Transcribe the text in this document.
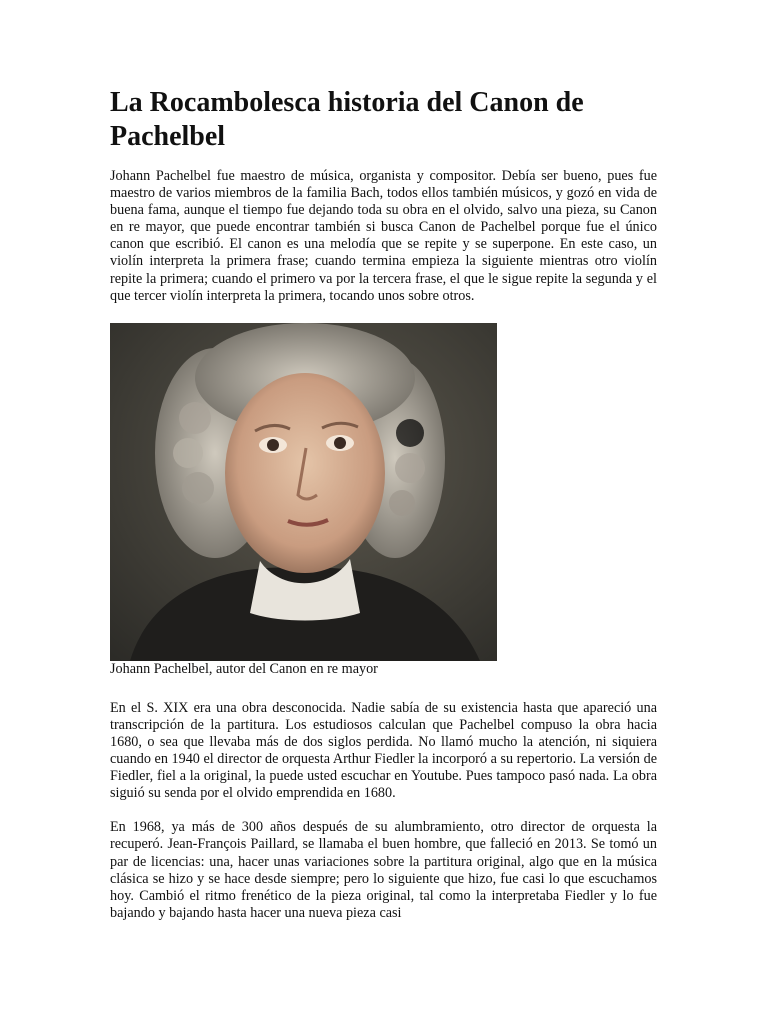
La Rocambolesca historia del Canon de Pachelbel

Johann Pachelbel fue maestro de música, organista y compositor. Debía ser bueno, pues fue maestro de varios miembros de la familia Bach, todos ellos también músicos, y gozó en vida de buena fama, aunque el tiempo fue dejando toda su obra en el olvido, salvo una pieza, su Canon en re mayor, que puede encontrar también si busca Canon de Pachelbel porque fue el único canon que escribió. El canon es una melodía que se repite y se superpone. En este caso, un violín interpreta la primera frase; cuando termina empieza la siguiente mientras otro violín repite la primera; cuando el primero va por la tercera frase, el que le sigue repite la segunda y el que tercer violín interpreta la primera, tocando unos sobre otros.

Johann Pachelbel, autor del Canon en re mayor

En el S. XIX era una obra desconocida. Nadie sabía de su existencia hasta que apareció una transcripción de la partitura. Los estudiosos calculan que Pachelbel compuso la obra hacia 1680, o sea que llevaba más de dos siglos perdida. No llamó mucho la atención, ni siquiera cuando en 1940 el director de orquesta Arthur Fiedler la incorporó a su repertorio. La versión de Fiedler, fiel a la original, la puede usted escuchar en Youtube. Pues tampoco pasó nada. La obra siguió su senda por el olvido emprendida en 1680.

En 1968, ya más de 300 años después de su alumbramiento, otro director de orquesta la recuperó. Jean-François Paillard, se llamaba el buen hombre, que falleció en 2013. Se tomó un par de licencias: una, hacer unas variaciones sobre la partitura original, algo que en la música clásica se hizo y se hace desde siempre; pero lo siguiente que hizo, fue casi lo que escuchamos hoy. Cambió el ritmo frenético de la pieza original, tal como la interpretaba Fiedler y lo fue bajando y bajando hasta hacer una nueva pieza casi
